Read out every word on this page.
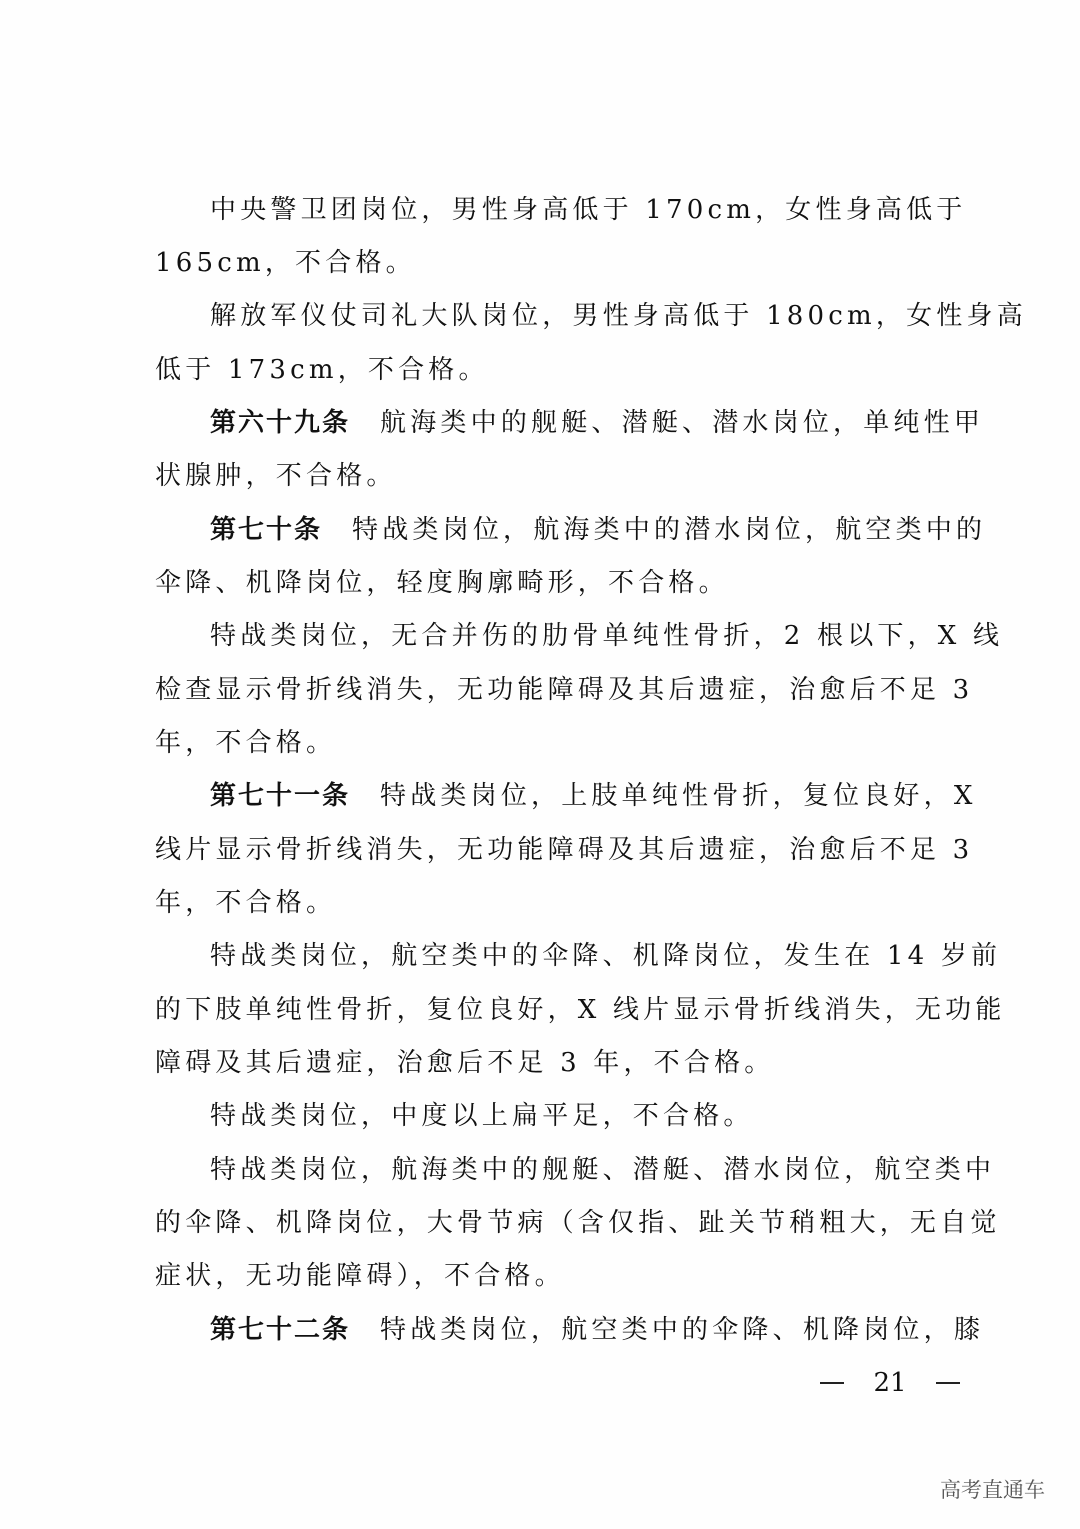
中央警卫团岗位，男性身高低于 170cm，女性身高低于
165cm，不合格。
解放军仪仗司礼大队岗位，男性身高低于 180cm，女性身高
低于 173cm，不合格。
第六十九条 航海类中的舰艇、潜艇、潜水岗位，单纯性甲
状腺肿，不合格。
第七十条 特战类岗位，航海类中的潜水岗位，航空类中的
伞降、机降岗位，轻度胸廓畸形，不合格。
特战类岗位，无合并伤的肋骨单纯性骨折，2 根以下，X 线
检查显示骨折线消失，无功能障碍及其后遗症，治愈后不足 3
年，不合格。
第七十一条 特战类岗位，上肢单纯性骨折，复位良好，X
线片显示骨折线消失，无功能障碍及其后遗症，治愈后不足 3
年，不合格。
特战类岗位，航空类中的伞降、机降岗位，发生在 14 岁前
的下肢单纯性骨折，复位良好，X 线片显示骨折线消失，无功能
障碍及其后遗症，治愈后不足 3 年，不合格。
特战类岗位，中度以上扁平足，不合格。
特战类岗位，航海类中的舰艇、潜艇、潜水岗位，航空类中
的伞降、机降岗位，大骨节病（含仅指、趾关节稍粗大，无自觉
症状，无功能障碍），不合格。
第七十二条 特战类岗位，航空类中的伞降、机降岗位，膝
21
高考直通车
